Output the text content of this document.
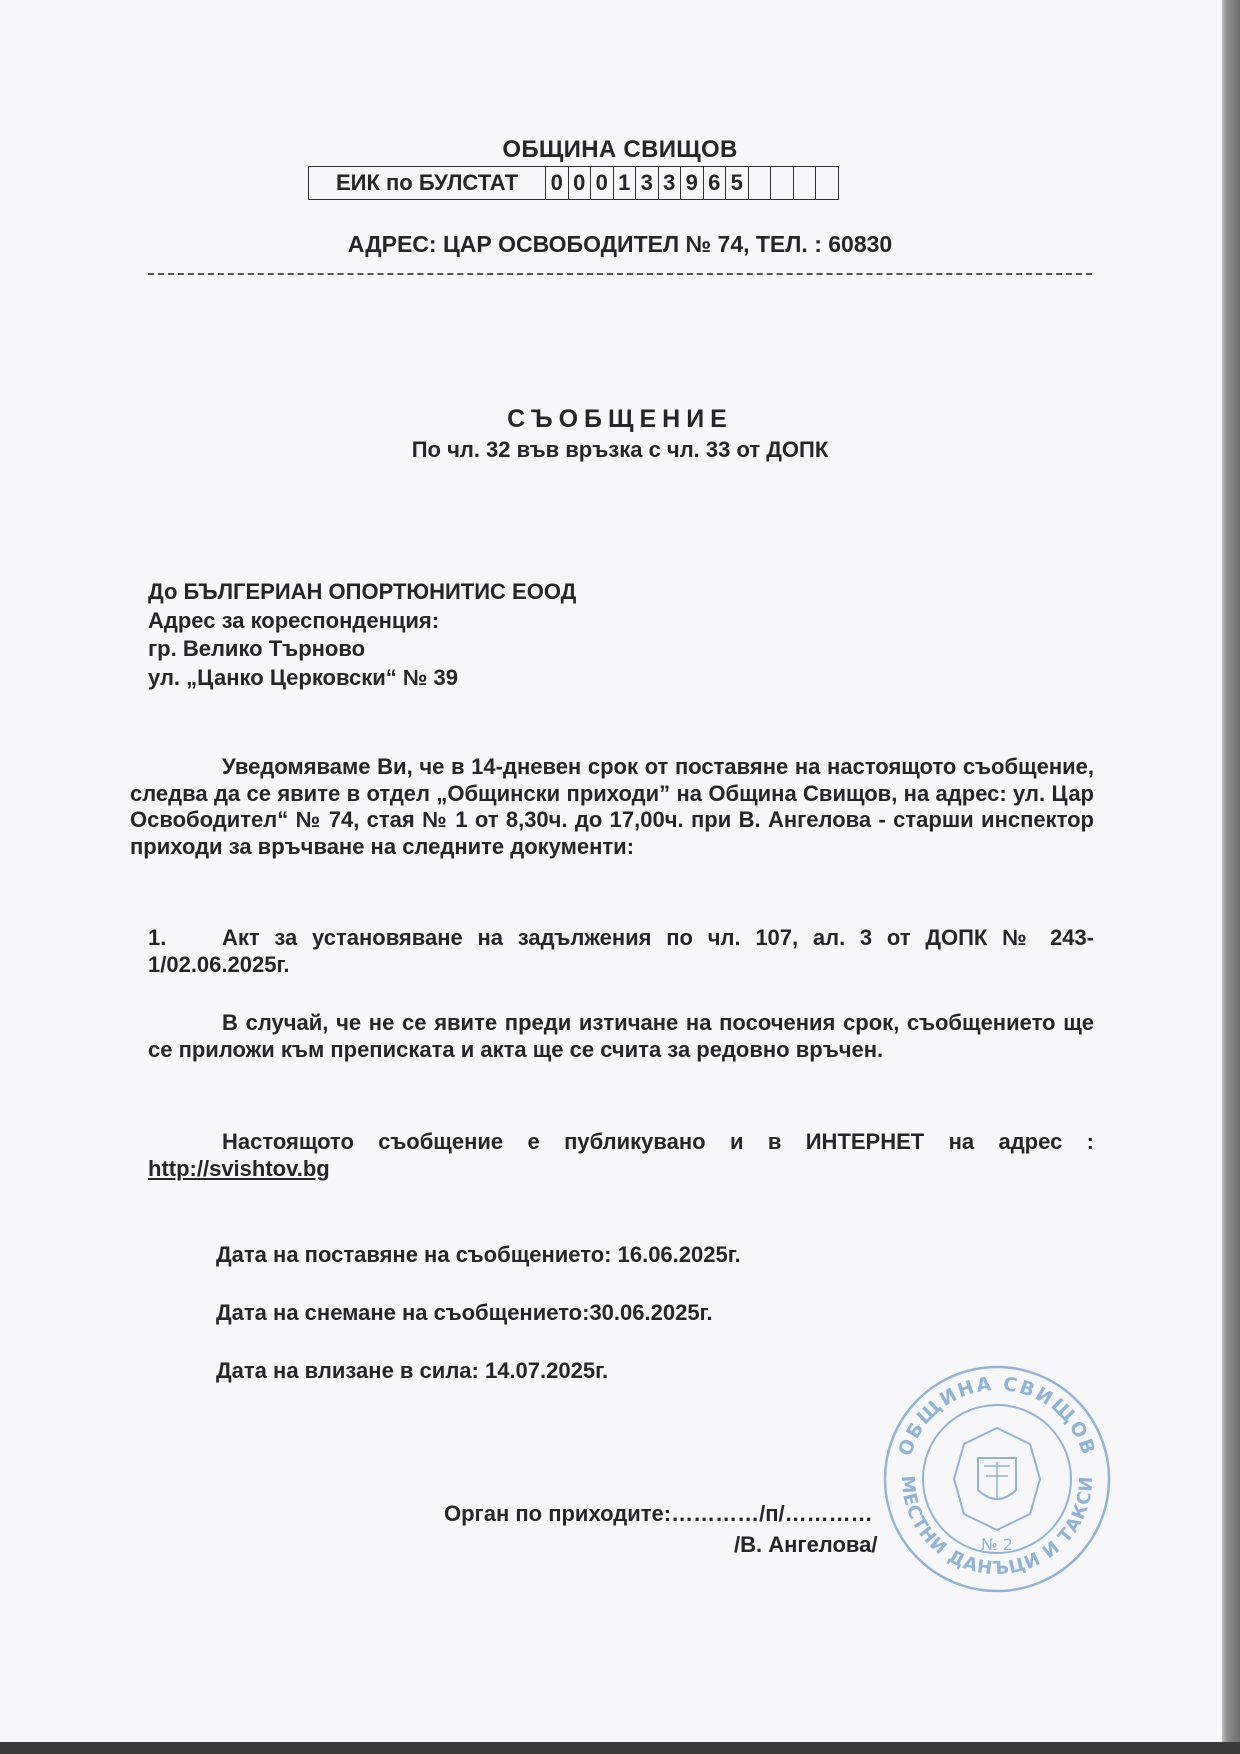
ОБЩИНА СВИЩОВ
ЕИК по БУЛСТАТ	0 0 0 1 3 3 9 6 5
АДРЕС: ЦАР ОСВОБОДИТЕЛ № 74, ТЕЛ. : 60830
СЪОБЩЕНИЕ
По чл. 32 във връзка с чл. 33 от ДОПК
До БЪЛГЕРИАН ОПОРТЮНИТИС ЕООД
Адрес за кореспонденция:
гр. Велико Търново
ул. „Цанко Церковски“ № 39
Уведомяваме Ви, че в 14-дневен срок от поставяне на настоящото съобщение, следва да се явите в отдел „Общински приходи” на Община Свищов, на адрес: ул. Цар Освободител“ № 74, стая № 1 от 8,30ч. до 17,00ч. при В. Ангелова - старши инспектор приходи за връчване на следните документи:
1.	Акт за установяване на задължения по чл. 107, ал. 3 от ДОПК № 243-1/02.06.2025г.
В случай, че не се явите преди изтичане на посочения срок, съобщението ще се приложи към преписката и акта ще се счита за редовно връчен.
Настоящото съобщение е публикувано и в ИНТЕРНЕТ на адрес : http://svishtov.bg
Дата на поставяне на съобщението: 16.06.2025г.
Дата на снемане на съобщението:30.06.2025г.
Дата на влизане в сила: 14.07.2025г.
Орган по приходите:…………/п/…………
/В. Ангелова/
ОБЩИНА СВИЩОВ
МЕСТНИ ДАНЪЦИ И ТАКСИ
№ 2
